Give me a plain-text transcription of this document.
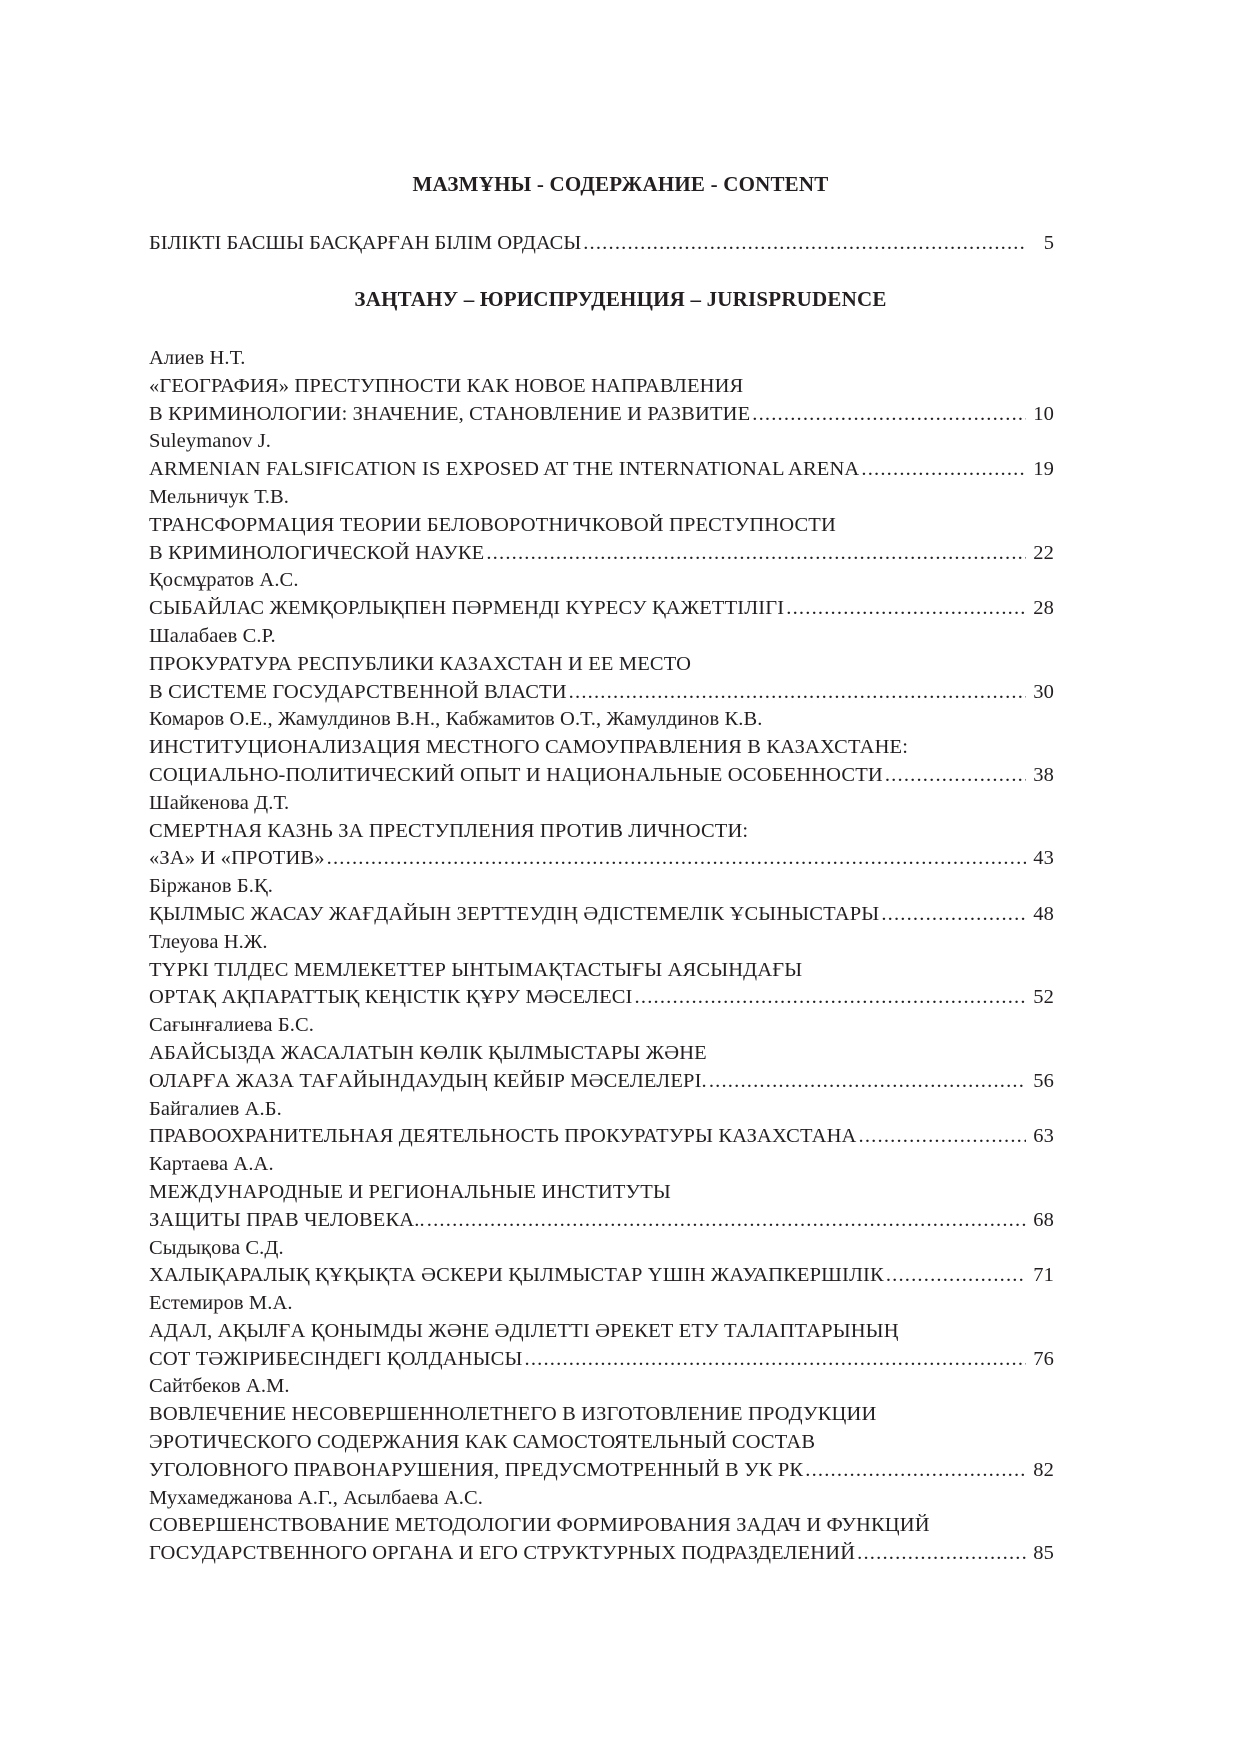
МАЗМҰНЫ - СОДЕРЖАНИЕ - CONTENT
БІЛІКТІ БАСШЫ БАСҚАРҒАН БІЛІМ ОРДАСЫ .....	5
ЗАҢТАНУ – ЮРИСПРУДЕНЦИЯ – JURISPRUDENCE
Алиев Н.Т.
«ГЕОГРАФИЯ» ПРЕСТУПНОСТИ КАК НОВОЕ НАПРАВЛЕНИЯ
В КРИМИНОЛОГИИ: ЗНАЧЕНИЕ, СТАНОВЛЕНИЕ И РАЗВИТИЕ .....	10
Suleymanov J.
ARMENIAN FALSIFICATION IS EXPOSED AT THE INTERNATIONAL ARENA .....	19
Мельничук Т.В.
ТРАНСФОРМАЦИЯ ТЕОРИИ БЕЛОВОРОТНИЧКОВОЙ ПРЕСТУПНОСТИ
В КРИМИНОЛОГИЧЕСКОЙ НАУКЕ .....	22
Қосмұратов А.С.
СЫБАЙЛАС ЖЕМҚОРЛЫҚПЕН ПӘРМЕНДІ КҮРЕСУ ҚАЖЕТТІЛІГІ .....	28
Шалабаев С.Р.
ПРОКУРАТУРА РЕСПУБЛИКИ КАЗАХСТАН И ЕЕ МЕСТО
В СИСТЕМЕ ГОСУДАРСТВЕННОЙ ВЛАСТИ .....	30
Комаров О.Е., Жамулдинов В.Н., Кабжамитов О.Т., Жамулдинов К.В.
ИНСТИТУЦИОНАЛИЗАЦИЯ МЕСТНОГО САМОУПРАВЛЕНИЯ В КАЗАХСТАНЕ:
СОЦИАЛЬНО-ПОЛИТИЧЕСКИЙ ОПЫТ И НАЦИОНАЛЬНЫЕ ОСОБЕННОСТИ .....	38
Шайкенова Д.Т.
СМЕРТНАЯ КАЗНЬ ЗА ПРЕСТУПЛЕНИЯ ПРОТИВ ЛИЧНОСТИ:
«ЗА» И «ПРОТИВ» .....	43
Біржанов Б.Қ.
ҚЫЛМЫС ЖАСАУ ЖАҒДАЙЫН ЗЕРТТЕУДІҢ ӘДІСТЕМЕЛІК ҰСЫНЫСТАРЫ .....	48
Тлеуова Н.Ж.
ТҮРКІ ТІЛДЕС МЕМЛЕКЕТТЕР ЫНТЫМАҚТАСТЫҒЫ АЯСЫНДАҒЫ
ОРТАҚ АҚПАРАТТЫҚ КЕҢІСТІК ҚҰРУ МӘСЕЛЕСІ .....	52
Сағынғалиева Б.С.
АБАЙСЫЗДА ЖАСАЛАТЫН КӨЛІК ҚЫЛМЫСТАРЫ ЖӘНЕ
ОЛАРҒА ЖАЗА ТАҒАЙЫНДАУДЫҢ КЕЙБІР МӘСЕЛЕЛЕРІ. .....	56
Байгалиев А.Б.
ПРАВООХРАНИТЕЛЬНАЯ ДЕЯТЕЛЬНОСТЬ ПРОКУРАТУРЫ КАЗАХСТАНА .....	63
Картаева А.А.
МЕЖДУНАРОДНЫЕ И РЕГИОНАЛЬНЫЕ ИНСТИТУТЫ
ЗАЩИТЫ ПРАВ ЧЕЛОВЕКА.. .....	68
Сыдықова С.Д.
ХАЛЫҚАРАЛЫҚ ҚҰҚЫҚТА ӘСКЕРИ ҚЫЛМЫСТАР ҮШІН ЖАУАПКЕРШІЛІК .....	71
Естемиров М.А.
АДАЛ, АҚЫЛҒА ҚОНЫМДЫ ЖӘНЕ ӘДІЛЕТТІ ӘРЕКЕТ ЕТУ ТАЛАПТАРЫНЫҢ
СОТ ТӘЖІРИБЕСІНДЕГІ ҚОЛДАНЫСЫ .....	76
Сайтбеков А.М.
ВОВЛЕЧЕНИЕ НЕСОВЕРШЕННОЛЕТНЕГО В ИЗГОТОВЛЕНИЕ ПРОДУКЦИИ
ЭРОТИЧЕСКОГО СОДЕРЖАНИЯ КАК САМОСТОЯТЕЛЬНЫЙ СОСТАВ
УГОЛОВНОГО ПРАВОНАРУШЕНИЯ, ПРЕДУСМОТРЕННЫЙ В УК РК .....	82
Мухамеджанова А.Г., Асылбаева А.С.
СОВЕРШЕНСТВОВАНИЕ МЕТОДОЛОГИИ ФОРМИРОВАНИЯ ЗАДАЧ И ФУНКЦИЙ
ГОСУДАРСТВЕННОГО ОРГАНА И ЕГО СТРУКТУРНЫХ ПОДРАЗДЕЛЕНИЙ .....	85
